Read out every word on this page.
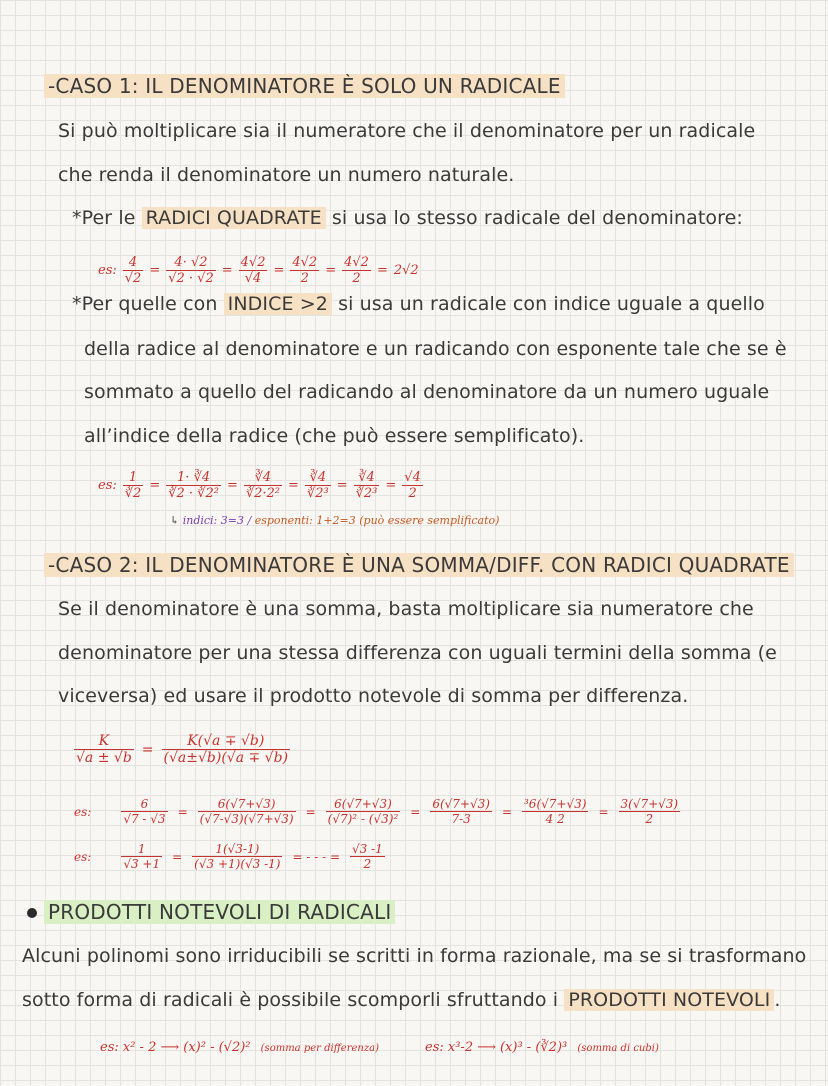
-CASO 1: IL DENOMINATORE È SOLO UN RADICALE
Si può moltiplicare sia il numeratore che il denominatore per un radicale
che renda il denominatore un numero naturale.
*Per le RADICI QUADRATE si usa lo stesso radicale del denominatore:
es: $\frac{4}{√2} = \frac{4\cdot √2}{√2 \cdot √2} = \frac{4√2}{√4} = \frac{4√2}{2} = \frac{4√2}{2} = 2√2$
*Per quelle con INDICE >2 si usa un radicale con indice uguale a quello
della radice al denominatore e un radicando con esponente tale che se è
sommato a quello del radicando al denominatore da un numero uguale
all’indice della radice (che può essere semplificato).
es: $\frac{1}{∛2} = \frac{1\cdot ∛4}{\text{∛2 · ∛2²}} = \frac{∛4}{\text{∛2·2²}} = \frac{∛4}{\text{∛2³}} = \frac{∛4}{\text{∛2³}} = \frac{√4}{2}$
↳ indici: 3=3 / esponenti: 1+2=3 (può essere semplificato)
-CASO 2: IL DENOMINATORE È UNA SOMMA/DIFF. CON RADICI QUADRATE
Se il denominatore è una somma, basta moltiplicare sia numeratore che
denominatore per una stessa differenza con uguali termini della somma (e
viceversa) ed usare il prodotto notevole di somma per differenza.
$\frac{K}{√a \pm √b} = \frac{K(√a \mp √b)}{(√a\pm√b)(√a \mp √b)}$
es:	$\frac{6}{√7 - √3} = \frac{6(√7+√3)}{(√7-√3)(√7+√3)} = \frac{6(√7+√3)}{\text{(√7)² - (√3)²}} = \frac{6(√7+√3)}{7-3} = \frac{\text{³6(√7+√3)}}{4 2} = \frac{3(√7+√3)}{2}$
es:	$\frac{1}{√3 +1} = \frac{1(√3-1)}{(√3 +1)(√3 -1)}$ = - - - = $\frac{√3 -1}{2}$
PRODOTTI NOTEVOLI DI RADICALI
Alcuni polinomi sono irriducibili se scritti in forma razionale, ma se si trasformano
sotto forma di radicali è possibile scomporli sfruttando i PRODOTTI NOTEVOLI .
es: x² - 2 ⟶ (x)² - (√2)² (somma per differenza)	es: x³-2 ⟶ (x)³ - (∛2)³ (somma di cubi)
